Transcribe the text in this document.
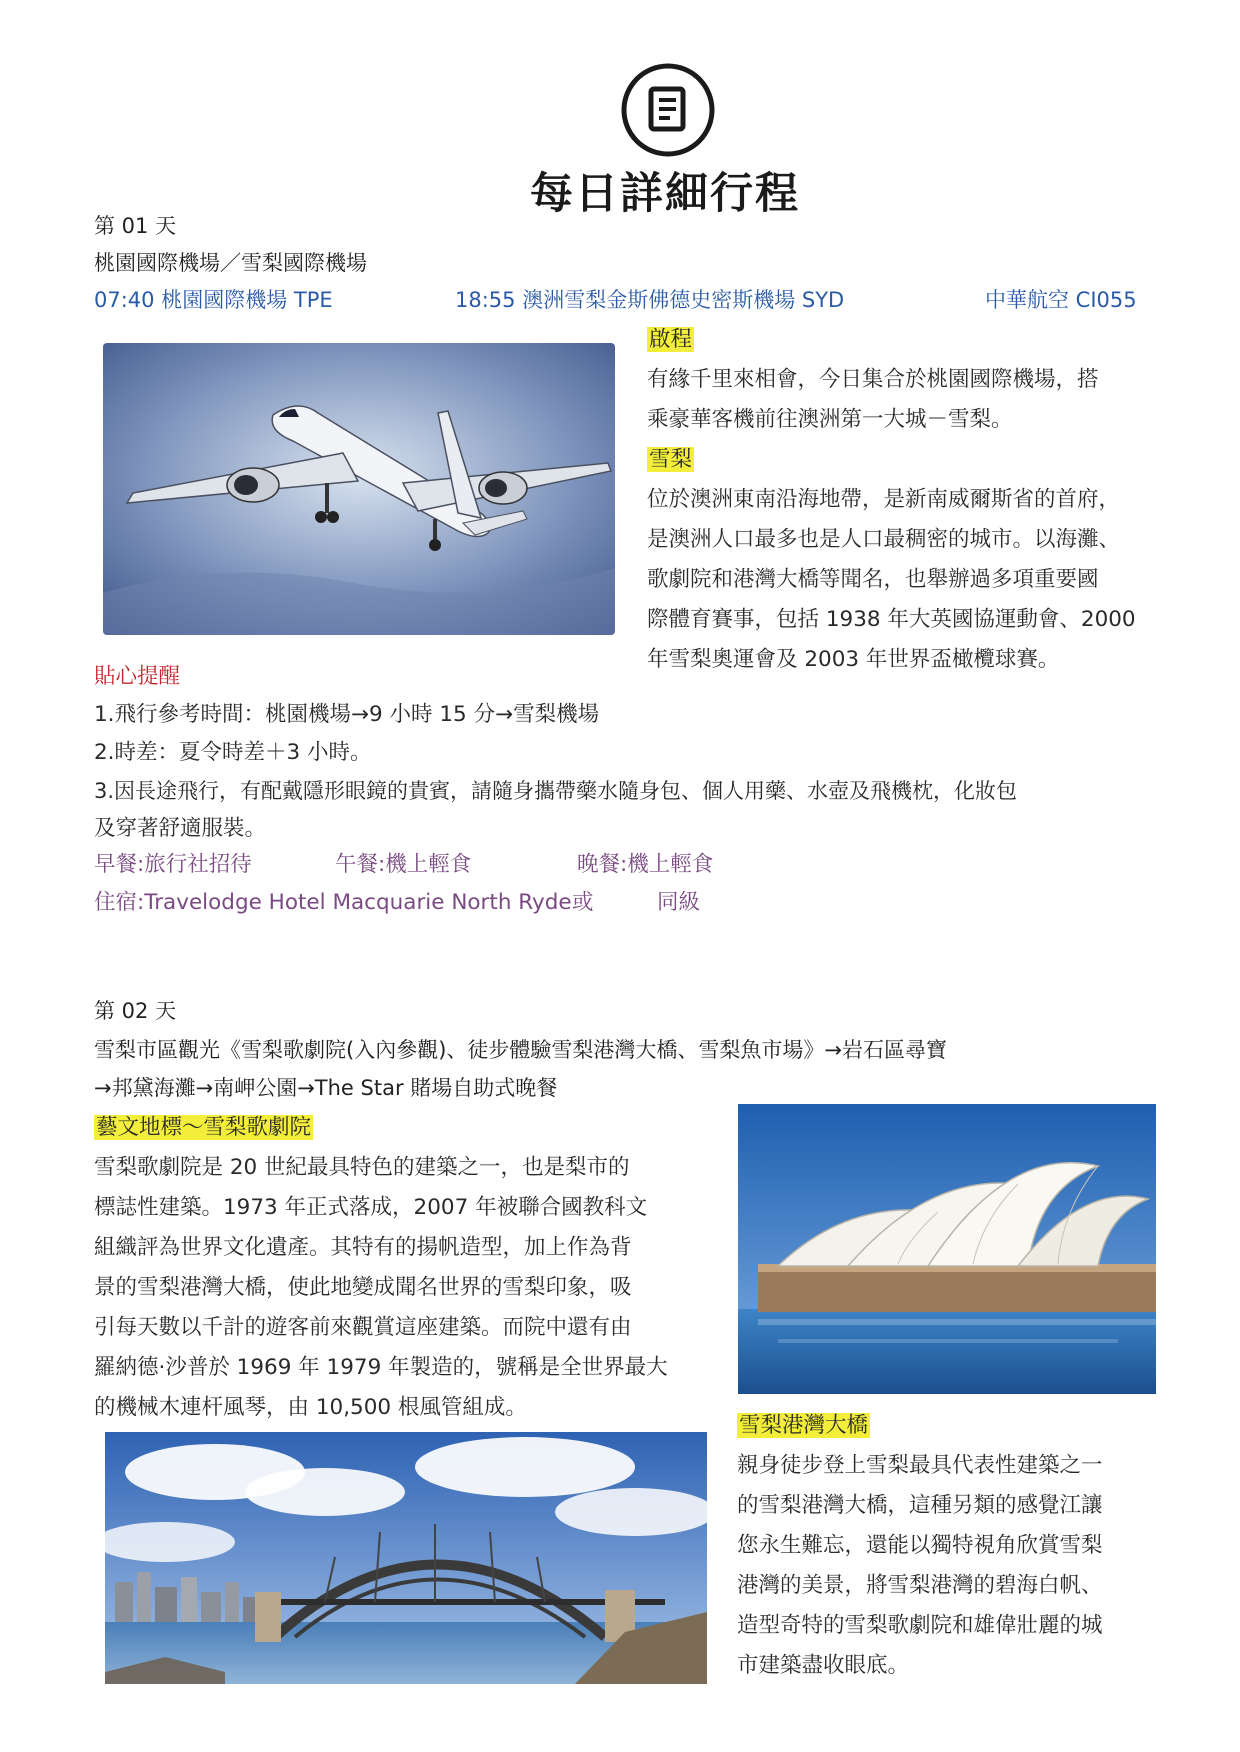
每日詳細行程
第 01 天
桃園國際機場／雪梨國際機場
07:40 桃園國際機場 TPE	18:55 澳洲雪梨金斯佛德史密斯機場 SYD	中華航空 CI055
啟程
有緣千里來相會，今日集合於桃園國際機場，搭
乘豪華客機前往澳洲第一大城－雪梨。
雪梨
位於澳洲東南沿海地帶，是新南威爾斯省的首府，
是澳洲人口最多也是人口最稠密的城市。以海灘、
歌劇院和港灣大橋等聞名，也舉辦過多項重要國
際體育賽事，包括 1938 年大英國協運動會、2000
年雪梨奧運會及 2003 年世界盃橄欖球賽。
貼心提醒
1.飛行參考時間：桃園機場→9 小時 15 分→雪梨機場
2.時差：夏令時差＋3 小時。
3.因長途飛行，有配戴隱形眼鏡的貴賓，請隨身攜帶藥水隨身包、個人用藥、水壺及飛機枕，化妝包
及穿著舒適服裝。
早餐:旅行社招待	午餐:機上輕食	晚餐:機上輕食
住宿:Travelodge Hotel Macquarie North Ryde 或	同級
第 02 天
雪梨市區觀光《雪梨歌劇院(入內參觀)、徒步體驗雪梨港灣大橋、雪梨魚市場》→岩石區尋寶
→邦黛海灘→南岬公園→The Star 賭場自助式晚餐
藝文地標～雪梨歌劇院
雪梨歌劇院是 20 世紀最具特色的建築之一，也是梨市的
標誌性建築。1973 年正式落成，2007 年被聯合國教科文
組織評為世界文化遺產。其特有的揚帆造型，加上作為背
景的雪梨港灣大橋，使此地變成聞名世界的雪梨印象，吸
引每天數以千計的遊客前來觀賞這座建築。而院中還有由
羅納德·沙普於 1969 年 1979 年製造的，號稱是全世界最大
的機械木連杆風琴，由 10,500 根風管組成。
雪梨港灣大橋
親身徒步登上雪梨最具代表性建築之一
的雪梨港灣大橋，這種另類的感覺江讓
您永生難忘，還能以獨特視角欣賞雪梨
港灣的美景，將雪梨港灣的碧海白帆、
造型奇特的雪梨歌劇院和雄偉壯麗的城
市建築盡收眼底。
